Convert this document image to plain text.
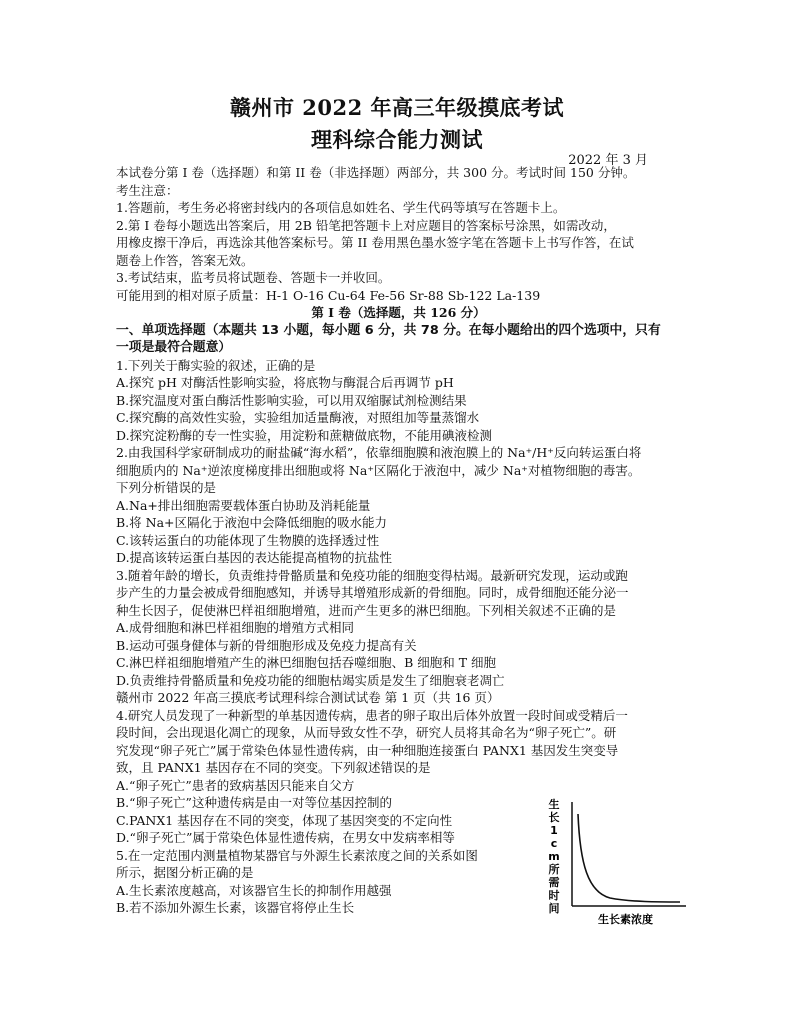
赣州市 2022 年高三年级摸底考试
理科综合能力测试
2022 年 3 月
本试卷分第 I 卷（选择题）和第 II 卷（非选择题）两部分，共 300 分。考试时间 150 分钟。
考生注意：
1.答题前，考生务必将密封线内的各项信息如姓名、学生代码等填写在答题卡上。
2.第 I 卷每小题选出答案后，用 2B 铅笔把答题卡上对应题目的答案标号涂黑，如需改动，
用橡皮擦干净后，再选涂其他答案标号。第 II 卷用黑色墨水签字笔在答题卡上书写作答，在试
题卷上作答，答案无效。
3.考试结束，监考员将试题卷、答题卡一并收回。
可能用到的相对原子质量：H-1 O-16 Cu-64 Fe-56 Sr-88 Sb-122 La-139
第 I 卷（选择题，共 126 分）
一、单项选择题（本题共 13 小题，每小题 6 分，共 78 分。在每小题给出的四个选项中，只有
一项是最符合题意）
1.下列关于酶实验的叙述，正确的是
A.探究 pH 对酶活性影响实验，将底物与酶混合后再调节 pH
B.探究温度对蛋白酶活性影响实验，可以用双缩脲试剂检测结果
C.探究酶的高效性实验，实验组加适量酶液，对照组加等量蒸馏水
D.探究淀粉酶的专一性实验，用淀粉和蔗糖做底物，不能用碘液检测
2.由我国科学家研制成功的耐盐碱“海水稻”，依靠细胞膜和液泡膜上的 Na⁺/H⁺反向转运蛋白将
细胞质内的 Na⁺逆浓度梯度排出细胞或将 Na⁺区隔化于液泡中，减少 Na⁺对植物细胞的毒害。
下列分析错误的是
A.Na+排出细胞需要载体蛋白协助及消耗能量
B.将 Na+区隔化于液泡中会降低细胞的吸水能力
C.该转运蛋白的功能体现了生物膜的选择透过性
D.提高该转运蛋白基因的表达能提高植物的抗盐性
3.随着年龄的增长，负责维持骨骼质量和免疫功能的细胞变得枯竭。最新研究发现，运动或跑
步产生的力量会被成骨细胞感知，并诱导其增殖形成新的骨细胞。同时，成骨细胞还能分泌一
种生长因子，促使淋巴样祖细胞增殖，进而产生更多的淋巴细胞。下列相关叙述不正确的是
A.成骨细胞和淋巴样祖细胞的增殖方式相同
B.运动可强身健体与新的骨细胞形成及免疫力提高有关
C.淋巴样祖细胞增殖产生的淋巴细胞包括吞噬细胞、B 细胞和 T 细胞
D.负责维持骨骼质量和免疫功能的细胞枯竭实质是发生了细胞衰老凋亡
赣州市 2022 年高三摸底考试理科综合测试试卷 第 1 页（共 16 页）
4.研究人员发现了一种新型的单基因遗传病，患者的卵子取出后体外放置一段时间或受精后一
段时间，会出现退化凋亡的现象，从而导致女性不孕，研究人员将其命名为“卵子死亡”。研
究发现“卵子死亡”属于常染色体显性遗传病，由一种细胞连接蛋白 PANX1 基因发生突变导
致，且 PANX1 基因存在不同的突变。下列叙述错误的是
A.“卵子死亡”患者的致病基因只能来自父方
B.“卵子死亡”这种遗传病是由一对等位基因控制的
C.PANX1 基因存在不同的突变，体现了基因突变的不定向性
D.“卵子死亡”属于常染色体显性遗传病，在男女中发病率相等
5.在一定范围内测量植物某器官与外源生长素浓度之间的关系如图
所示，据图分析正确的是
A.生长素浓度越高，对该器官生长的抑制作用越强
B.若不添加外源生长素，该器官将停止生长
生长 1 c m 所需时间
生长素浓度
